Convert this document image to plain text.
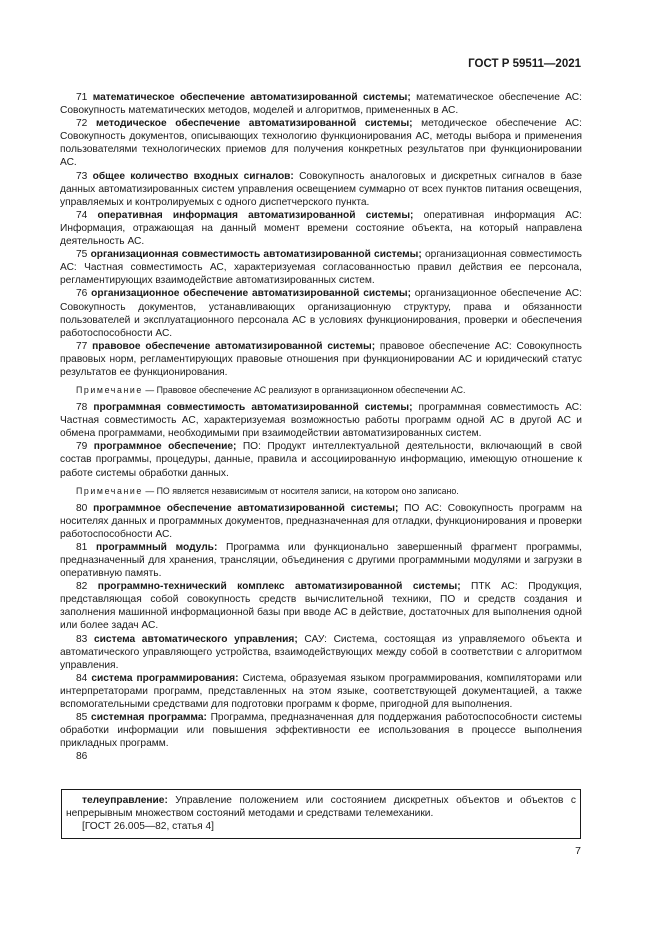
ГОСТ Р 59511—2021

71 математическое обеспечение автоматизированной системы; математическое обеспечение АС: Совокупность математических методов, моделей и алгоритмов, примененных в АС.

72 методическое обеспечение автоматизированной системы; методическое обеспечение АС: Совокупность документов, описывающих технологию функционирования АС, методы выбора и применения пользователями технологических приемов для получения конкретных результатов при функционировании АС.

73 общее количество входных сигналов: Совокупность аналоговых и дискретных сигналов в базе данных автоматизированных систем управления освещением суммарно от всех пунктов питания освещения, управляемых и контролируемых с одного диспетчерского пункта.

74 оперативная информация автоматизированной системы; оперативная информация АС: Информация, отражающая на данный момент времени состояние объекта, на который направлена деятельность АС.

75 организационная совместимость автоматизированной системы; организационная совместимость АС: Частная совместимость АС, характеризуемая согласованностью правил действия ее персонала, регламентирующих взаимодействие автоматизированных систем.

76 организационное обеспечение автоматизированной системы; организационное обеспечение АС: Совокупность документов, устанавливающих организационную структуру, права и обязанности пользователей и эксплуатационного персонала АС в условиях функционирования, проверки и обеспечения работоспособности АС.

77 правовое обеспечение автоматизированной системы; правовое обеспечение АС: Совокупность правовых норм, регламентирующих правовые отношения при функционировании АС и юридический статус результатов ее функционирования.

Примечание — Правовое обеспечение АС реализуют в организационном обеспечении АС.

78 программная совместимость автоматизированной системы; программная совместимость АС: Частная совместимость АС, характеризуемая возможностью работы программ одной АС в другой АС и обмена программами, необходимыми при взаимодействии автоматизированных систем.

79 программное обеспечение; ПО: Продукт интеллектуальной деятельности, включающий в свой состав программы, процедуры, данные, правила и ассоциированную информацию, имеющую отношение к работе системы обработки данных.

Примечание — ПО является независимым от носителя записи, на котором оно записано.

80 программное обеспечение автоматизированной системы; ПО АС: Совокупность программ на носителях данных и программных документов, предназначенная для отладки, функционирования и проверки работоспособности АС.

81 программный модуль: Программа или функционально завершенный фрагмент программы, предназначенный для хранения, трансляции, объединения с другими программными модулями и загрузки в оперативную память.

82 программно-технический комплекс автоматизированной системы; ПТК АС: Продукция, представляющая собой совокупность средств вычислительной техники, ПО и средств создания и заполнения машинной информационной базы при вводе АС в действие, достаточных для выполнения одной или более задач АС.

83 система автоматического управления; САУ: Система, состоящая из управляемого объекта и автоматического управляющего устройства, взаимодействующих между собой в соответствии с алгоритмом управления.

84 система программирования: Система, образуемая языком программирования, компиляторами или интерпретаторами программ, представленных на этом языке, соответствующей документацией, а также вспомогательными средствами для подготовки программ к форме, пригодной для выполнения.

85 системная программа: Программа, предназначенная для поддержания работоспособности системы обработки информации или повышения эффективности ее использования в процессе выполнения прикладных программ.

86

телеуправление: Управление положением или состоянием дискретных объектов и объектов с непрерывным множеством состояний методами и средствами телемеханики.

[ГОСТ 26.005—82, статья 4]

7
